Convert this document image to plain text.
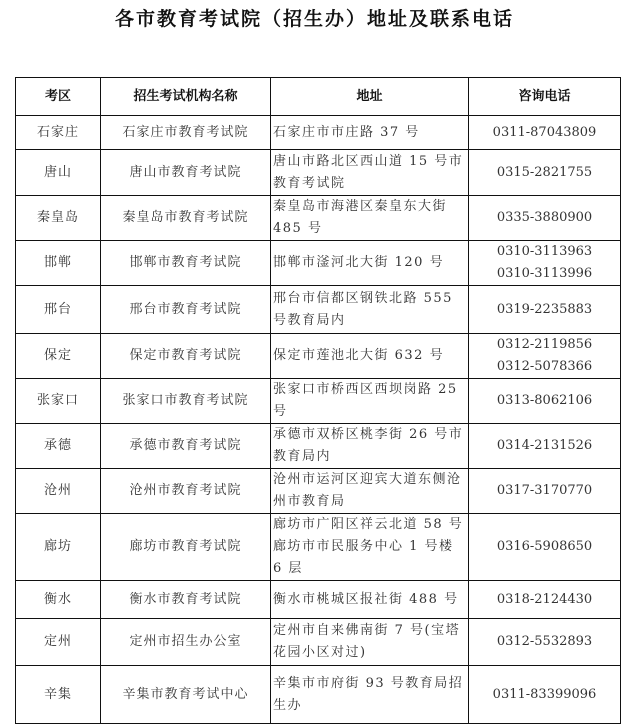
各市教育考试院（招生办）地址及联系电话
考区	招生考试机构名称	地址	咨询电话
石家庄	石家庄市教育考试院	石家庄市市庄路 37 号	0311-87043809

唐山	唐山市教育考试院	唐山市路北区西山道 15 号市教育考试院	0315-2821755

秦皇岛	秦皇岛市教育考试院	秦皇岛市海港区秦皇东大街 485 号	0335-3880900

邯郸	邯郸市教育考试院	邯郸市滏河北大街 120 号	0310-3113963
0310-3113996

邢台	邢台市教育考试院	邢台市信都区钢铁北路 555 号教育局内	0319-2235883

保定	保定市教育考试院	保定市莲池北大街 632 号	0312-2119856
0312-5078366

张家口	张家口市教育考试院	张家口市桥西区西坝岗路 25 号	0313-8062106

承德	承德市教育考试院	承德市双桥区桃李街 26 号市教育局内	0314-2131526

沧州	沧州市教育考试院	沧州市运河区迎宾大道东侧沧州市教育局	0317-3170770

廊坊	廊坊市教育考试院	廊坊市广阳区祥云北道 58 号廊坊市市民服务中心 1 号楼 6 层	0316-5908650

衡水	衡水市教育考试院	衡水市桃城区报社街 488 号	0318-2124430

定州	定州市招生办公室	定州市自来佛南街 7 号(宝塔花园小区对过)	0312-5532893

辛集	辛集市教育考试中心	辛集市市府街 93 号教育局招生办	0311-83399096
